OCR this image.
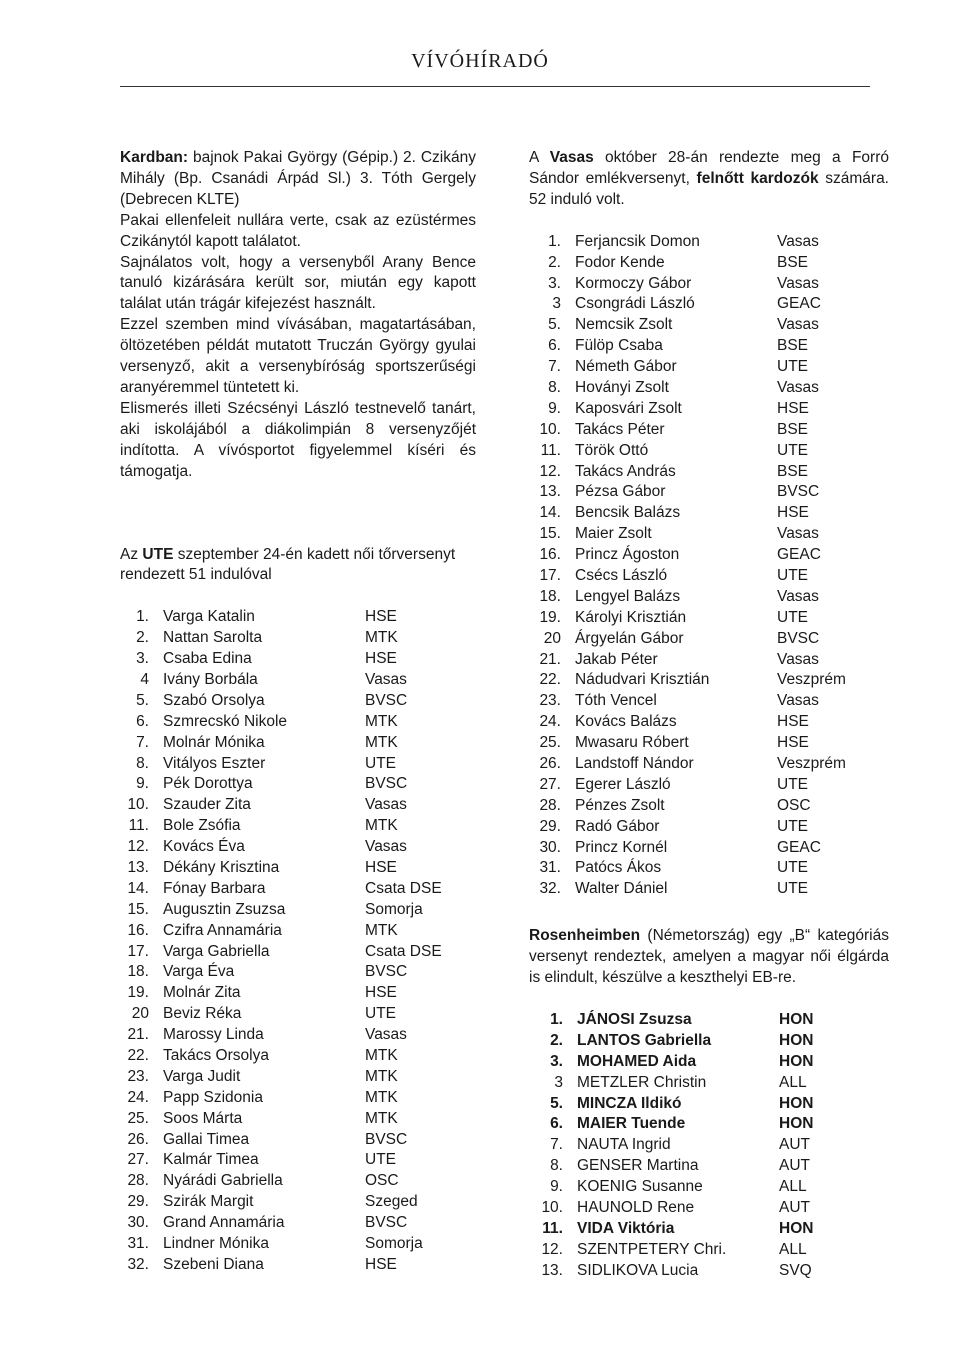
VÍVÓHÍRADÓ

Kardban: bajnok Pakai György (Gépip.) 2. Czikány Mihály (Bp. Csanádi Árpád Sl.) 3. Tóth Gergely (Debrecen KLTE)

Pakai ellenfeleit nullára verte, csak az ezüstérmes Czikánytól kapott találatot.

Sajnálatos volt, hogy a versenyből Arany Bence tanuló kizárására került sor, miután egy kapott találat után trágár kifejezést használt.

Ezzel szemben mind vívásában, magatartásában, öltözetében példát mutatott Truczán György gyulai versenyző, akit a versenybíróság sportszerűségi aranyéremmel tüntetett ki.

Elismerés illeti Szécsényi László testnevelő tanárt, aki iskolájából a diákolimpián 8 versenyzőjét indította. A vívósportot figyelemmel kíséri és támogatja.

Az UTE szeptember 24-én kadett női tőrversenyt rendezett 51 indulóval

1. Varga Katalin	HSE
2. Nattan Sarolta	MTK
3. Csaba Edina	HSE
4 Ivány Borbála	Vasas
5. Szabó Orsolya	BVSC
6. Szmrecskó Nikole	MTK
7. Molnár Mónika	MTK
8. Vitályos Eszter	UTE
9. Pék Dorottya	BVSC
10. Szauder Zita	Vasas
11. Bole Zsófia	MTK
12. Kovács Éva	Vasas
13. Dékány Krisztina	HSE
14. Fónay Barbara	Csata DSE
15. Augusztin Zsuzsa	Somorja
16. Czifra Annamária	MTK
17. Varga Gabriella	Csata DSE
18. Varga Éva	BVSC
19. Molnár Zita	HSE
20 Beviz Réka	UTE
21. Marossy Linda	Vasas
22. Takács Orsolya	MTK
23. Varga Judit	MTK
24. Papp Szidonia	MTK
25. Soos Márta	MTK
26. Gallai Timea	BVSC
27. Kalmár Timea	UTE
28. Nyárádi Gabriella	OSC
29. Szirák Margit	Szeged
30. Grand Annamária	BVSC
31. Lindner Mónika	Somorja
32. Szebeni Diana	HSE

A Vasas október 28-án rendezte meg a Forró Sándor emlékversenyt, felnőtt kardozók számára. 52 induló volt.

1. Ferjancsik Domon	Vasas
2. Fodor Kende	BSE
3. Kormoczy Gábor	Vasas
3 Csongrádi László	GEAC
5. Nemcsik Zsolt	Vasas
6. Fülöp Csaba	BSE
7. Németh Gábor	UTE
8. Hoványi Zsolt	Vasas
9. Kaposvári Zsolt	HSE
10. Takács Péter	BSE
11. Török Ottó	UTE
12. Takács András	BSE
13. Pézsa Gábor	BVSC
14. Bencsik Balázs	HSE
15. Maier Zsolt	Vasas
16. Princz Ágoston	GEAC
17. Csécs László	UTE
18. Lengyel Balázs	Vasas
19. Károlyi Krisztián	UTE
20 Árgyelán Gábor	BVSC
21. Jakab Péter	Vasas
22. Nádudvari Krisztián	Veszprém
23. Tóth Vencel	Vasas
24. Kovács Balázs	HSE
25. Mwasaru Róbert	HSE
26. Landstoff Nándor	Veszprém
27. Egerer László	UTE
28. Pénzes Zsolt	OSC
29. Radó Gábor	UTE
30. Princz Kornél	GEAC
31. Patócs Ákos	UTE
32. Walter Dániel	UTE

Rosenheimben (Németország) egy „B“ kategóriás versenyt rendeztek, amelyen a magyar női élgárda is elindult, készülve a keszthelyi EB-re.

1. JÁNOSI Zsuzsa	HON
2. LANTOS Gabriella	HON
3. MOHAMED Aida	HON
3 METZLER Christin	ALL
5. MINCZA Ildikó	HON
6. MAIER Tuende	HON
7. NAUTA Ingrid	AUT
8. GENSER Martina	AUT
9. KOENIG Susanne	ALL
10. HAUNOLD Rene	AUT
11. VIDA Viktória	HON
12. SZENTPETERY Chri.	ALL
13. SIDLIKOVA Lucia	SVQ
